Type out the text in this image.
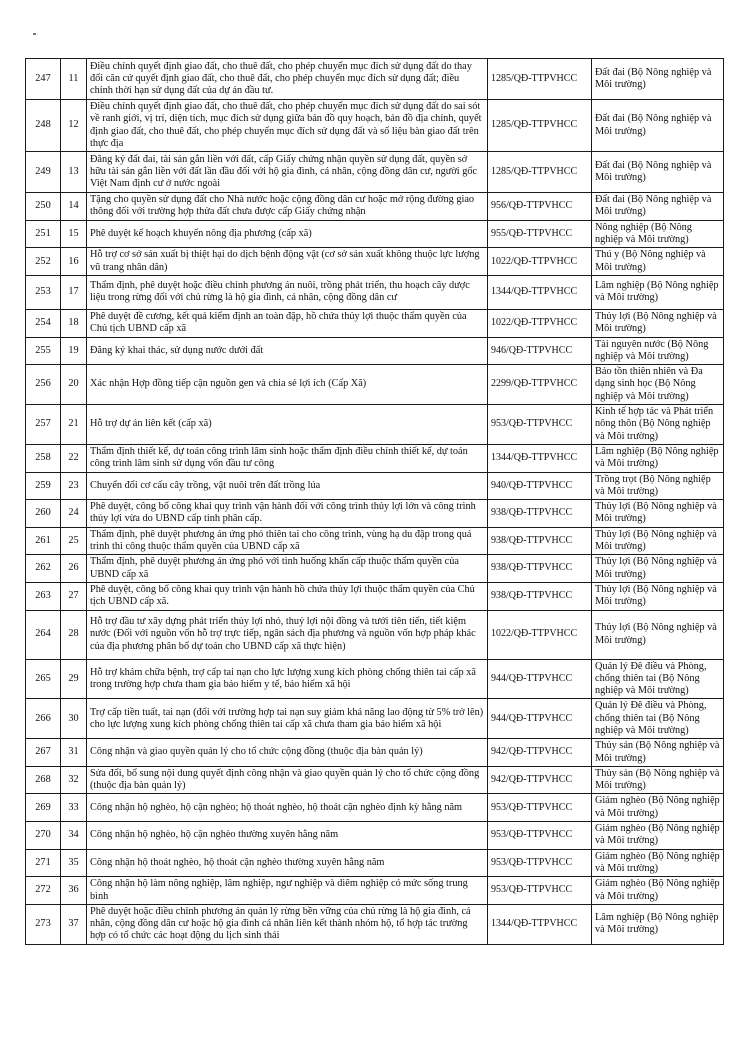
247	11	Điều chỉnh quyết định giao đất, cho thuê đất, cho phép chuyển mục đích sử dụng đất do thay đổi căn cứ quyết định giao đất, cho thuê đất, cho phép chuyển mục đích sử dụng đất; điều chỉnh thời hạn sử dụng đất của dự án đầu tư.	1285/QĐ-TTPVHCC	Đất đai (Bộ Nông nghiệp và Môi trường)
248	12	Điều chỉnh quyết định giao đất, cho thuê đất, cho phép chuyển mục đích sử dụng đất do sai sót về ranh giới, vị trí, diện tích, mục đích sử dụng giữa bản đồ quy hoạch, bản đồ địa chính, quyết định giao đất, cho thuê đất, cho phép chuyển mục đích sử dụng đất và số liệu bàn giao đất trên thực địa	1285/QĐ-TTPVHCC	Đất đai (Bộ Nông nghiệp và Môi trường)
249	13	Đăng ký đất đai, tài sản gắn liền với đất, cấp Giấy chứng nhận quyền sử dụng đất, quyền sở hữu tài sản gắn liền với đất lần đầu đối với hộ gia đình, cá nhân, cộng đồng dân cư, người gốc Việt Nam định cư ở nước ngoài	1285/QĐ-TTPVHCC	Đất đai (Bộ Nông nghiệp và Môi trường)
250	14	Tặng cho quyền sử dụng đất cho Nhà nước hoặc cộng đồng dân cư hoặc mở rộng đường giao thông đối với trường hợp thửa đất chưa được cấp Giấy chứng nhận	956/QĐ-TTPVHCC	Đất đai (Bộ Nông nghiệp và Môi trường)
251	15	Phê duyệt kế hoạch khuyến nông địa phương (cấp xã)	955/QĐ-TTPVHCC	Nông nghiệp (Bộ Nông nghiệp và Môi trường)
252	16	Hỗ trợ cơ sở sản xuất bị thiệt hại do dịch bệnh động vật (cơ sở sản xuất không thuộc lực lượng vũ trang nhân dân)	1022/QĐ-TTPVHCC	Thú y (Bộ Nông nghiệp và Môi trường)
253	17	Thẩm định, phê duyệt hoặc điều chỉnh phương án nuôi, trồng phát triển, thu hoạch cây dược liệu trong rừng đối với chủ rừng là hộ gia đình, cá nhân, cộng đồng dân cư	1344/QĐ-TTPVHCC	Lâm nghiệp (Bộ Nông nghiệp và Môi trường)
254	18	Phê duyệt đề cương, kết quả kiểm định an toàn đập, hồ chứa thủy lợi thuộc thẩm quyền của Chủ tịch UBND cấp xã	1022/QĐ-TTPVHCC	Thủy lợi (Bộ Nông nghiệp và Môi trường)
255	19	Đăng ký khai thác, sử dụng nước dưới đất	946/QĐ-TTPVHCC	Tài nguyên nước (Bộ Nông nghiệp và Môi trường)
256	20	Xác nhận Hợp đồng tiếp cận nguồn gen và chia sẻ lợi ích (Cấp Xã)	2299/QĐ-TTPVHCC	Bảo tồn thiên nhiên và Đa dạng sinh học (Bộ Nông nghiệp và Môi trường)
257	21	Hỗ trợ dự án liên kết (cấp xã)	953/QĐ-TTPVHCC	Kinh tế hợp tác và Phát triển nông thôn (Bộ Nông nghiệp và Môi trường)
258	22	Thẩm định thiết kế, dự toán công trình lâm sinh hoặc thẩm định điều chỉnh thiết kế, dự toán công trình lâm sinh sử dụng vốn đầu tư công	1344/QĐ-TTPVHCC	Lâm nghiệp (Bộ Nông nghiệp và Môi trường)
259	23	Chuyển đổi cơ cấu cây trồng, vật nuôi trên đất trồng lúa	940/QĐ-TTPVHCC	Trồng trọt (Bộ Nông nghiệp và Môi trường)
260	24	Phê duyệt, công bố công khai quy trình vận hành đối với công trình thủy lợi lớn và công trình thủy lợi vừa do UBND cấp tỉnh phân cấp.	938/QĐ-TTPVHCC	Thủy lợi (Bộ Nông nghiệp và Môi trường)
261	25	Thẩm định, phê duyệt phương án ứng phó thiên tai cho công trình, vùng hạ du đập trong quá trình thi công thuộc thẩm quyền của UBND cấp xã	938/QĐ-TTPVHCC	Thủy lợi (Bộ Nông nghiệp và Môi trường)
262	26	Thẩm định, phê duyệt phương án ứng phó với tình huống khẩn cấp thuộc thẩm quyền của UBND cấp xã	938/QĐ-TTPVHCC	Thủy lợi (Bộ Nông nghiệp và Môi trường)
263	27	Phê duyệt, công bố công khai quy trình vận hành hồ chứa thủy lợi thuộc thẩm quyền của Chủ tịch UBND cấp xã.	938/QĐ-TTPVHCC	Thủy lợi (Bộ Nông nghiệp và Môi trường)
264	28	Hỗ trợ đầu tư xây dựng phát triển thủy lợi nhỏ, thuỷ lợi nội đồng và tưới tiên tiến, tiết kiệm nước (Đối với nguồn vốn hỗ trợ trực tiếp, ngân sách địa phương và nguồn vốn hợp pháp khác của địa phương phân bổ dự toán cho UBND cấp xã thực hiện)	1022/QĐ-TTPVHCC	Thủy lợi (Bộ Nông nghiệp và Môi trường)
265	29	Hỗ trợ khám chữa bệnh, trợ cấp tai nạn cho lực lượng xung kích phòng chống thiên tai cấp xã trong trường hợp chưa tham gia bảo hiểm y tế, bảo hiểm xã hội	944/QĐ-TTPVHCC	Quản lý Đê điều và Phòng, chống thiên tai (Bộ Nông nghiệp và Môi trường)
266	30	Trợ cấp tiền tuất, tai nạn (đối với trường hợp tai nạn suy giảm khả năng lao động từ 5% trở lên) cho lực lượng xung kích phòng chống thiên tai cấp xã chưa tham gia bảo hiểm xã hội	944/QĐ-TTPVHCC	Quản lý Đê điều và Phòng, chống thiên tai (Bộ Nông nghiệp và Môi trường)
267	31	Công nhận và giao quyền quản lý cho tổ chức cộng đồng (thuộc địa bàn quản lý)	942/QĐ-TTPVHCC	Thủy sản (Bộ Nông nghiệp và Môi trường)
268	32	Sửa đổi, bổ sung nội dung quyết định công nhận và giao quyền quản lý cho tổ chức cộng đồng (thuộc địa bàn quản lý)	942/QĐ-TTPVHCC	Thủy sản (Bộ Nông nghiệp và Môi trường)
269	33	Công nhận hộ nghèo, hộ cận nghèo; hộ thoát nghèo, hộ thoát cận nghèo định kỳ hằng năm	953/QĐ-TTPVHCC	Giảm nghèo (Bộ Nông nghiệp và Môi trường)
270	34	Công nhận hộ nghèo, hộ cận nghèo thường xuyên hằng năm	953/QĐ-TTPVHCC	Giảm nghèo (Bộ Nông nghiệp và Môi trường)
271	35	Công nhận hộ thoát nghèo, hộ thoát cận nghèo thường xuyên hằng năm	953/QĐ-TTPVHCC	Giảm nghèo (Bộ Nông nghiệp và Môi trường)
272	36	Công nhận hộ làm nông nghiệp, lâm nghiệp, ngư nghiệp và diêm nghiệp có mức sống trung bình	953/QĐ-TTPVHCC	Giảm nghèo (Bộ Nông nghiệp và Môi trường)
273	37	Phê duyệt hoặc điều chỉnh phương án quản lý rừng bền vững của chủ rừng là hộ gia đình, cá nhân, cộng đồng dân cư hoặc hộ gia đình cá nhân liên kết thành nhóm hộ, tổ hợp tác trường hợp có tổ chức các hoạt động du lịch sinh thái	1344/QĐ-TTPVHCC	Lâm nghiệp (Bộ Nông nghiệp và Môi trường)
